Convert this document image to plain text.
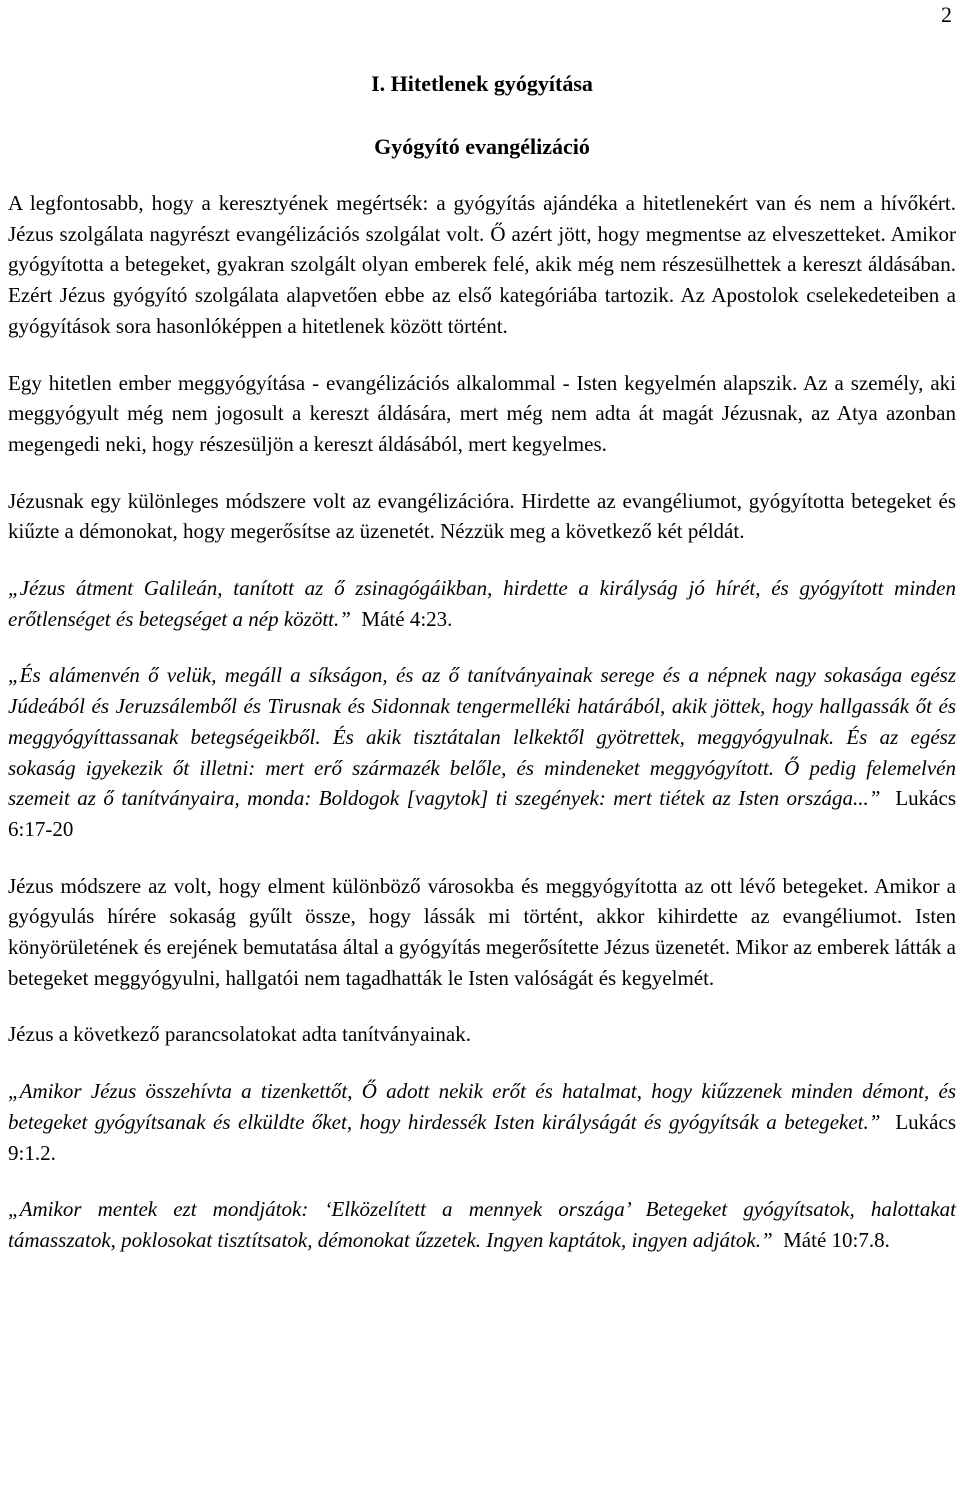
2
I. Hitetlenek gyógyítása
Gyógyító evangélizáció

A legfontosabb, hogy a keresztyének megértsék: a gyógyítás ajándéka a hitetlenekért van és nem a hívőkért. Jézus szolgálata nagyrészt evangélizációs szolgálat volt. Ő azért jött, hogy megmentse az elveszetteket. Amikor gyógyította a betegeket, gyakran szolgált olyan emberek felé, akik még nem részesülhettek a kereszt áldásában. Ezért Jézus gyógyító szolgálata alapvetően ebbe az első kategóriába tartozik. Az Apostolok cselekedeteiben a gyógyítások sora hasonlóképpen a hitetlenek között történt.

Egy hitetlen ember meggyógyítása - evangélizációs alkalommal - Isten kegyelmén alapszik. Az a személy, aki meggyógyult még nem jogosult a kereszt áldására, mert még nem adta át magát Jézusnak, az Atya azonban megengedi neki, hogy részesüljön a kereszt áldásából, mert kegyelmes.

Jézusnak egy különleges módszere volt az evangélizációra. Hirdette az evangéliumot, gyógyította betegeket és kiűzte a démonokat, hogy megerősítse az üzenetét. Nézzük meg a következő két példát.

„Jézus átment Galileán, tanított az ő zsinagógáikban, hirdette a királyság jó hírét, és gyógyított minden erőtlenséget és betegséget a nép között.” Máté 4:23.

„És alámenvén ő velük, megáll a síkságon, és az ő tanítványainak serege és a népnek nagy sokasága egész Júdeából és Jeruzsálemből és Tirusnak és Sidonnak tengermelléki határából, akik jöttek, hogy hallgassák őt és meggyógyíttassanak betegségeikből. És akik tisztátalan lelkektől gyötrettek, meggyógyulnak. És az egész sokaság igyekezik őt illetni: mert erő származék belőle, és mindeneket meggyógyított. Ő pedig felemelvén szemeit az ő tanítványaira, monda: Boldogok [vagytok] ti szegények: mert tiétek az Isten országa...” Lukács 6:17-20

Jézus módszere az volt, hogy elment különböző városokba és meggyógyította az ott lévő betegeket. Amikor a gyógyulás hírére sokaság gyűlt össze, hogy lássák mi történt, akkor kihirdette az evangéliumot. Isten könyörületének és erejének bemutatása által a gyógyítás megerősítette Jézus üzenetét. Mikor az emberek látták a betegeket meggyógyulni, hallgatói nem tagadhatták le Isten valóságát és kegyelmét.

Jézus a következő parancsolatokat adta tanítványainak.

„Amikor Jézus összehívta a tizenkettőt, Ő adott nekik erőt és hatalmat, hogy kiűzzenek minden démont, és betegeket gyógyítsanak és elküldte őket, hogy hirdessék Isten királyságát és gyógyítsák a betegeket.” Lukács 9:1.2.

„Amikor mentek ezt mondjátok: ‘Elközelített a mennyek országa’ Betegeket gyógyítsatok, halottakat támasszatok, poklosokat tisztítsatok, démonokat űzzetek. Ingyen kaptátok, ingyen adjátok.” Máté 10:7.8.
